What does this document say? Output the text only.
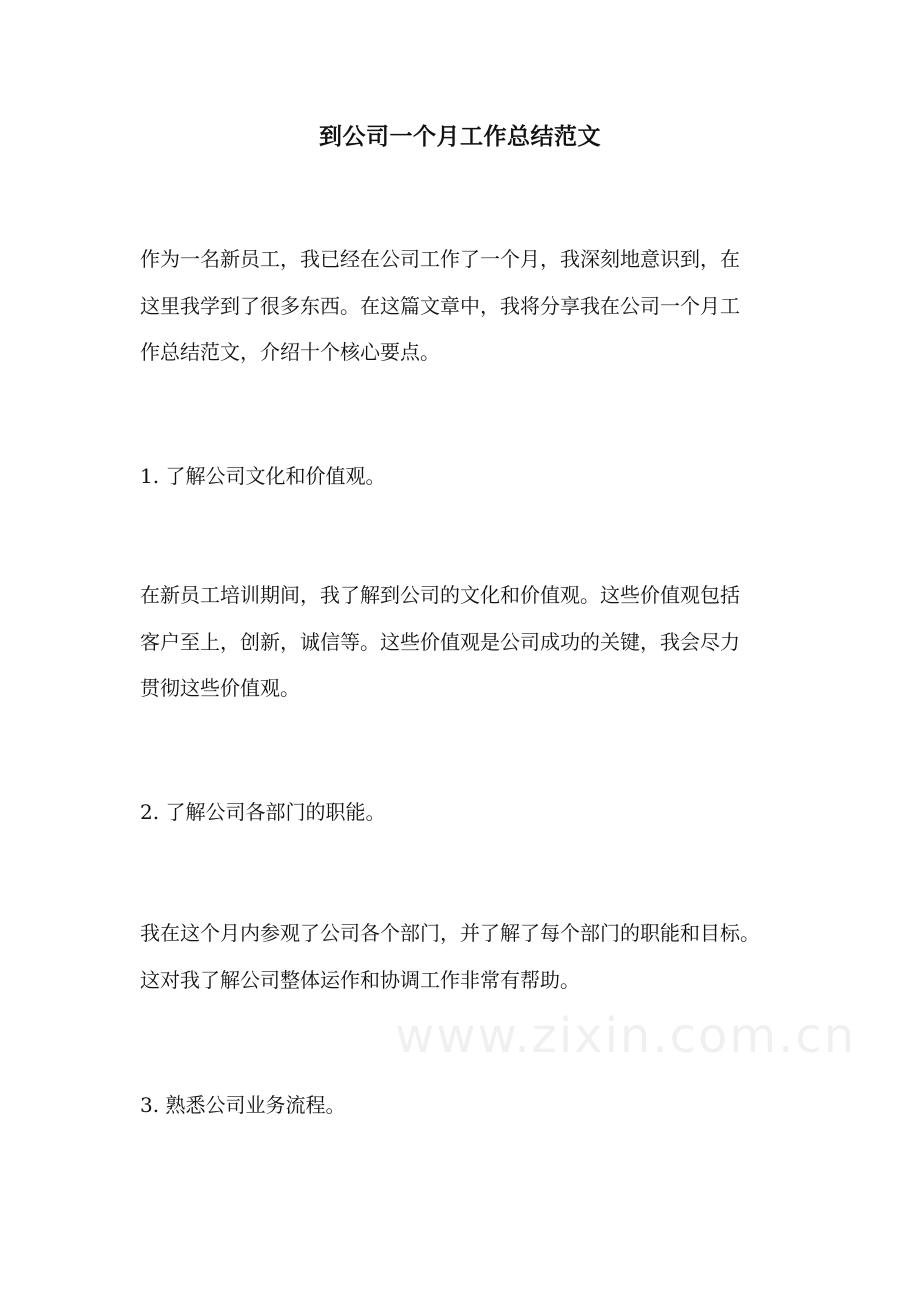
到公司一个月工作总结范文

作为一名新员工，我已经在公司工作了一个月，我深刻地意识到，在
这里我学到了很多东西。在这篇文章中，我将分享我在公司一个月工
作总结范文，介绍十个核心要点。

1. 了解公司文化和价值观。

在新员工培训期间，我了解到公司的文化和价值观。这些价值观包括
客户至上，创新，诚信等。这些价值观是公司成功的关键，我会尽力
贯彻这些价值观。

2. 了解公司各部门的职能。

我在这个月内参观了公司各个部门，并了解了每个部门的职能和目标。
这对我了解公司整体运作和协调工作非常有帮助。

3. 熟悉公司业务流程。

www.zixin.com.cn
